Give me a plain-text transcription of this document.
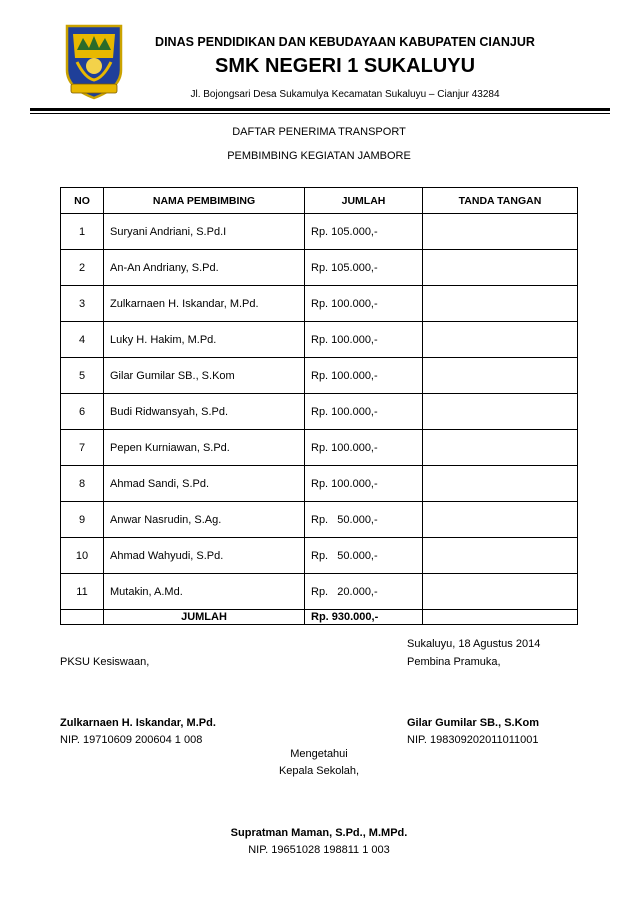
DINAS PENDIDIKAN DAN KEBUDAYAAN KABUPATEN CIANJUR
SMK NEGERI 1 SUKALUYU
Jl. Bojongsari Desa Sukamulya Kecamatan Sukaluyu – Cianjur 43284
DAFTAR PENERIMA TRANSPORT
PEMBIMBING KEGIATAN JAMBORE
NO	NAMA PEMBIMBING	JUMLAH	TANDA TANGAN
1	Suryani Andriani, S.Pd.I	Rp. 105.000,-	
2	An-An Andriany, S.Pd.	Rp. 105.000,-	
3	Zulkarnaen H. Iskandar, M.Pd.	Rp. 100.000,-	
4	Luky H. Hakim, M.Pd.	Rp. 100.000,-	
5	Gilar Gumilar SB., S.Kom	Rp. 100.000,-	
6	Budi Ridwansyah, S.Pd.	Rp. 100.000,-	
7	Pepen Kurniawan, S.Pd.	Rp. 100.000,-	
8	Ahmad Sandi, S.Pd.	Rp. 100.000,-	
9	Anwar Nasrudin, S.Ag.	Rp.   50.000,-	
10	Ahmad Wahyudi, S.Pd.	Rp.   50.000,-	
11	Mutakin, A.Md.	Rp.   20.000,-	
	JUMLAH	Rp. 930.000,-	
Sukaluyu, 18 Agustus 2014
PKSU Kesiswaan,	Pembina Pramuka,
Zulkarnaen H. Iskandar, M.Pd.
NIP. 19710609 200604 1 008
Gilar Gumilar SB., S.Kom
NIP. 198309202011011001
Mengetahui
Kepala Sekolah,
Supratman Maman, S.Pd., M.MPd.
NIP. 19651028 198811 1 003
